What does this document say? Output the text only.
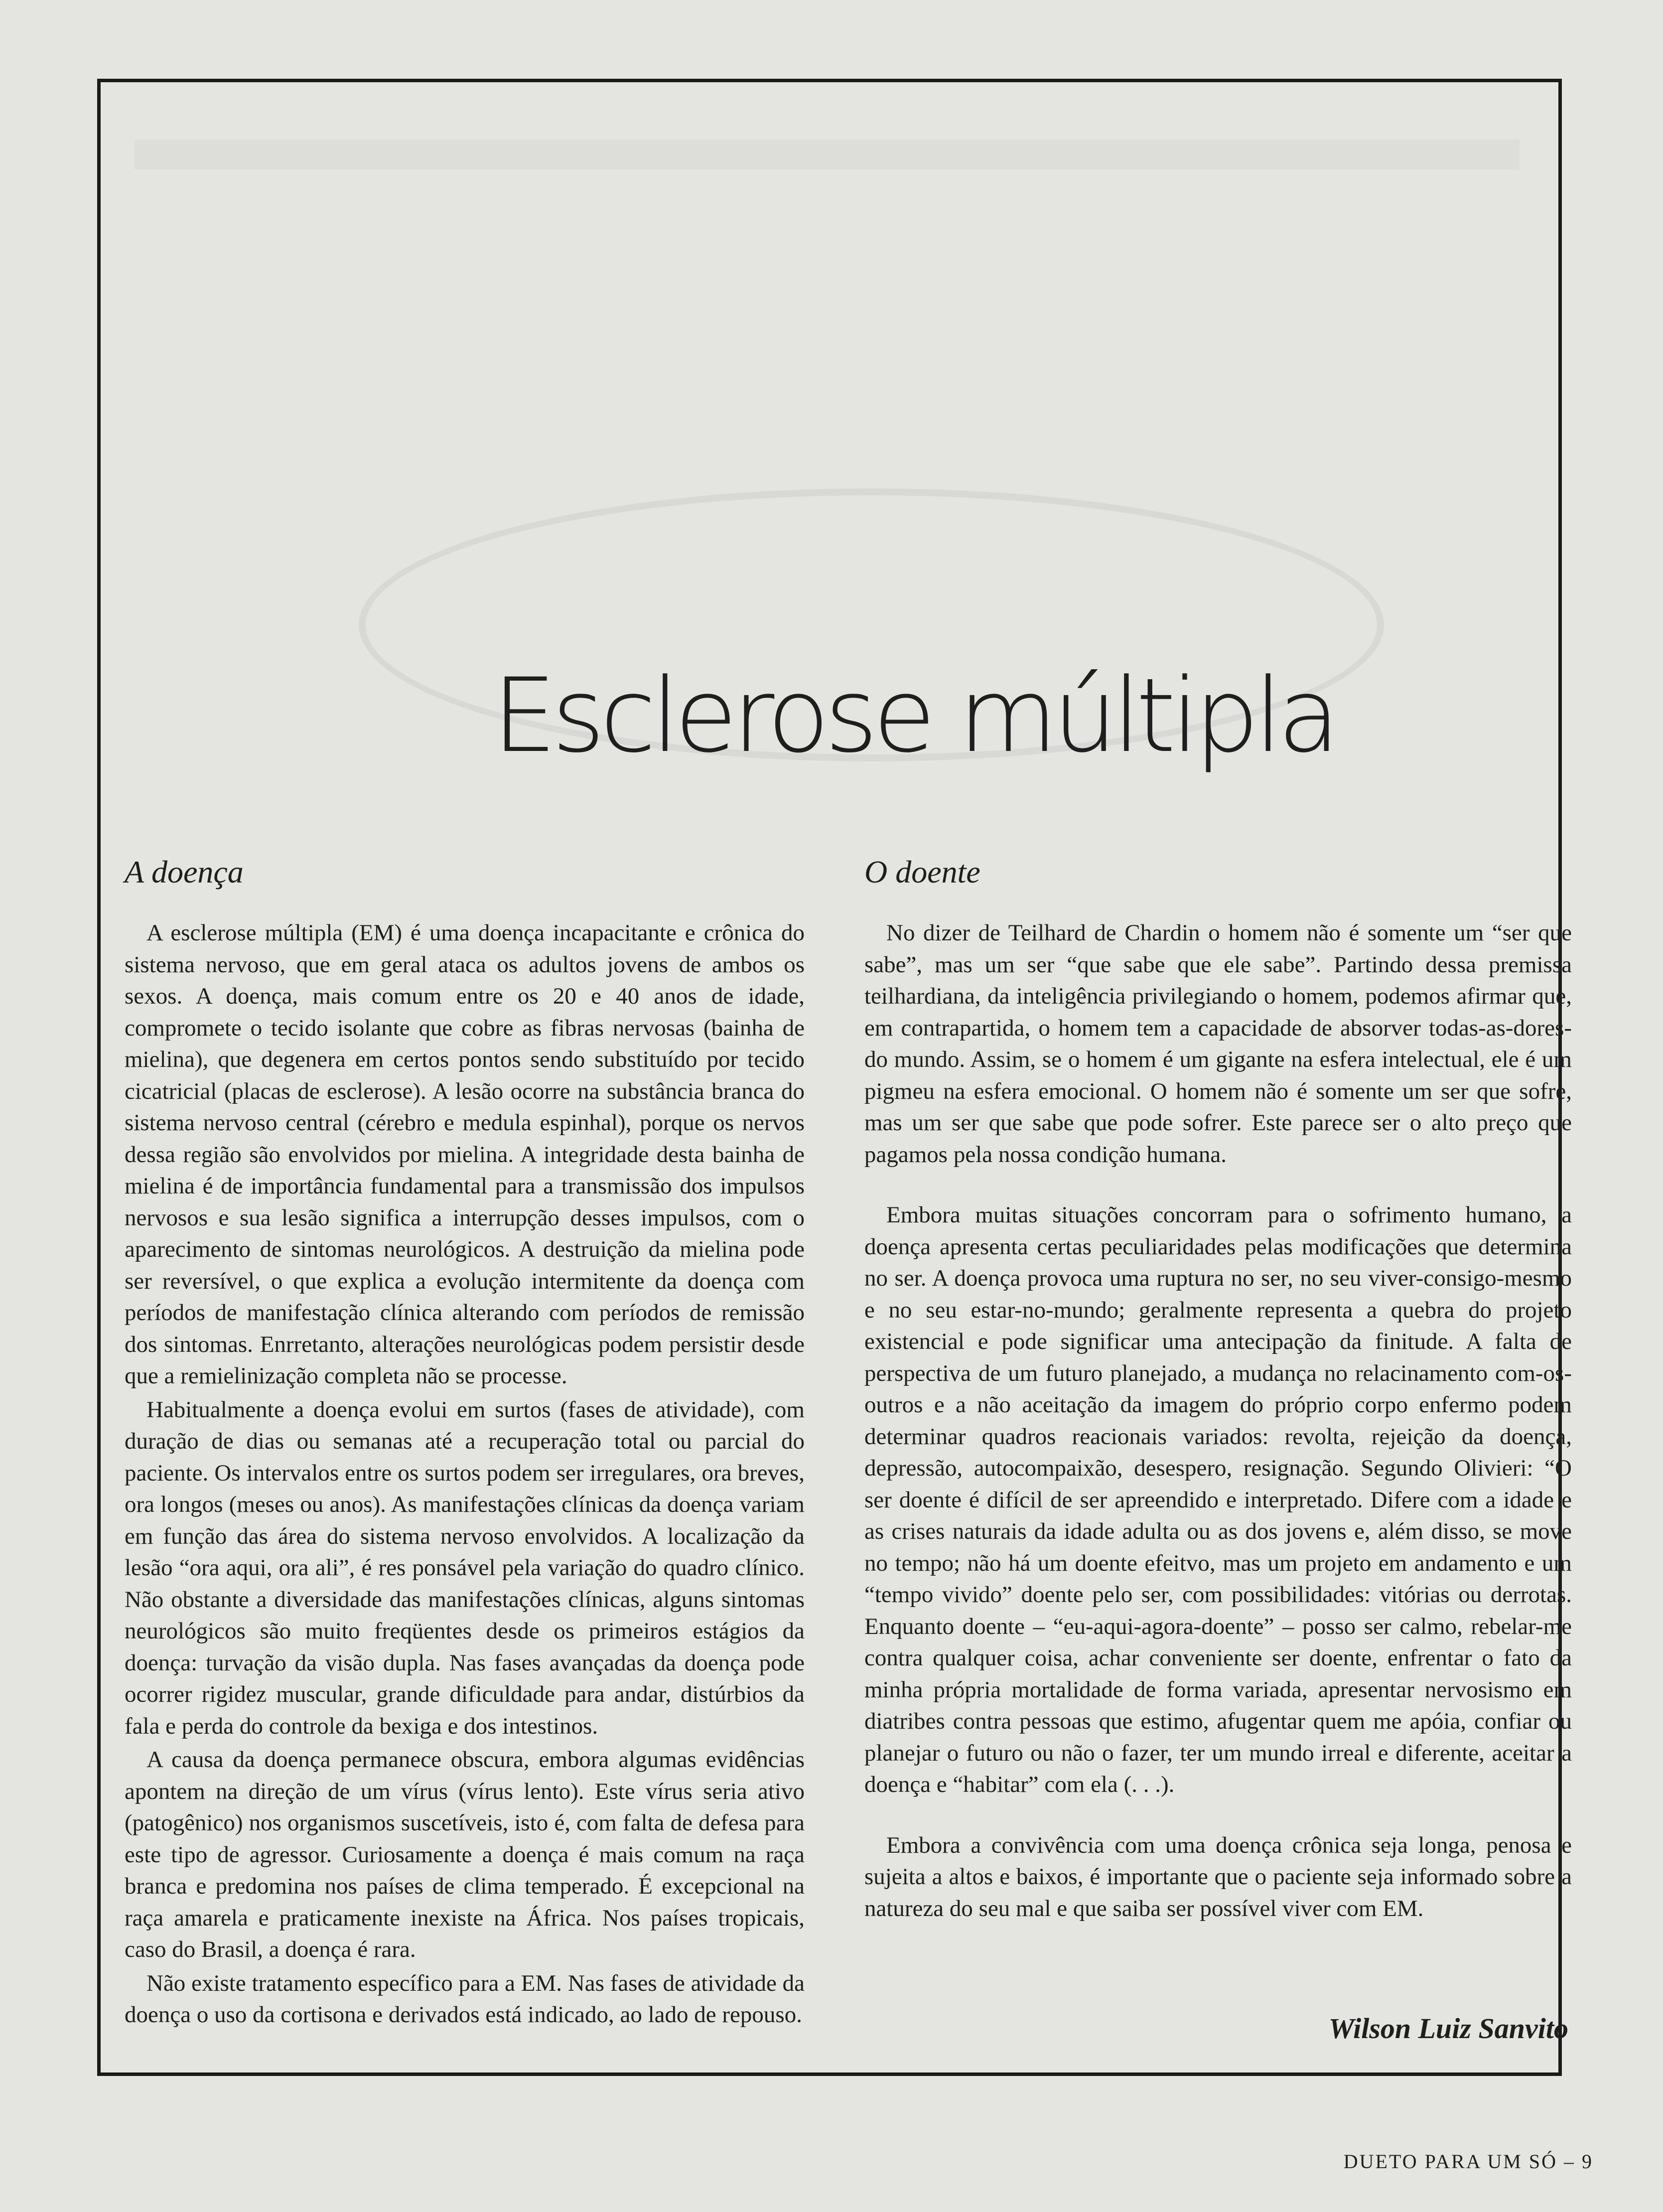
Esclerose múltipla
A doença

A esclerose múltipla (EM) é uma doença incapacitante e crônica do sistema nervoso, que em geral ataca os adultos jovens de ambos os sexos. A doença, mais comum entre os 20 e 40 anos de idade, compromete o tecido isolante que cobre as fibras nervosas (bainha de mielina), que degenera em certos pontos sendo substituído por tecido cicatricial (placas de esclerose). A lesão ocorre na substância branca do sistema nervoso central (cérebro e medula espinhal), porque os nervos dessa região são envolvidos por mielina. A integridade desta bainha de mielina é de importância fundamental para a transmissão dos impulsos nervosos e sua lesão significa a interrupção desses impulsos, com o aparecimento de sintomas neurológicos. A destruição da mielina pode ser reversível, o que explica a evolução intermitente da doença com períodos de manifestação clínica alterando com períodos de remissão dos sintomas. Enrretanto, alterações neurológicas podem persistir desde que a remielinização completa não se processe.

Habitualmente a doença evolui em surtos (fases de atividade), com duração de dias ou semanas até a recuperação total ou parcial do paciente. Os intervalos entre os surtos podem ser irregulares, ora breves, ora longos (meses ou anos). As manifestações clínicas da doença variam em função das área do sistema nervoso envolvidos. A localização da lesão “ora aqui, ora ali”, é res ponsável pela variação do quadro clínico. Não obstante a diversidade das manifestações clínicas, alguns sintomas neurológicos são muito freqüentes desde os primeiros estágios da doença: turvação da visão dupla. Nas fases avançadas da doença pode ocorrer rigidez muscular, grande dificuldade para andar, distúrbios da fala e perda do controle da bexiga e dos intestinos.

A causa da doença permanece obscura, embora algumas evidências apontem na direção de um vírus (vírus lento). Este vírus seria ativo (patogênico) nos organismos suscetíveis, isto é, com falta de defesa para este tipo de agressor. Curiosamente a doença é mais comum na raça branca e predomina nos países de clima temperado. É excepcional na raça amarela e praticamente inexiste na África. Nos países tropicais, caso do Brasil, a doença é rara.

Não existe tratamento específico para a EM. Nas fases de atividade da doença o uso da cortisona e derivados está indicado, ao lado de repouso.

O doente

No dizer de Teilhard de Chardin o homem não é somente um “ser que sabe”, mas um ser “que sabe que ele sabe”. Partindo dessa premissa teilhardiana, da inteligência privilegiando o homem, podemos afirmar que, em contrapartida, o homem tem a capacidade de absorver todas-as-dores-do mundo. Assim, se o homem é um gigante na esfera intelectual, ele é um pigmeu na esfera emocional. O homem não é somente um ser que sofre, mas um ser que sabe que pode sofrer. Este parece ser o alto preço que pagamos pela nossa condição humana.

Embora muitas situações concorram para o sofrimento humano, a doença apresenta certas peculiaridades pelas modificações que determina no ser. A doença provoca uma ruptura no ser, no seu viver-consigo-mesmo e no seu estar-no-mundo; geralmente representa a quebra do projeto existencial e pode significar uma antecipação da finitude. A falta de perspectiva de um futuro planejado, a mudança no relacinamento com-os-outros e a não aceitação da imagem do próprio corpo enfermo podem determinar quadros reacionais variados: revolta, rejeição da doença, depressão, autocompaixão, desespero, resignação. Segundo Olivieri: “O ser doente é difícil de ser apreendido e interpretado. Difere com a idade e as crises naturais da idade adulta ou as dos jovens e, além disso, se move no tempo; não há um doente efeitvo, mas um projeto em andamento e um “tempo vivido” doente pelo ser, com possibilidades: vitórias ou derrotas. Enquanto doente – “eu-aqui-agora-doente” – posso ser calmo, rebelar-me contra qualquer coisa, achar conveniente ser doente, enfrentar o fato da minha própria mortalidade de forma variada, apresentar nervosismo em diatribes contra pessoas que estimo, afugentar quem me apóia, confiar ou planejar o futuro ou não o fazer, ter um mundo irreal e diferente, aceitar a doença e “habitar” com ela (. . .).

Embora a convivência com uma doença crônica seja longa, penosa e sujeita a altos e baixos, é importante que o paciente seja informado sobre a natureza do seu mal e que saiba ser possível viver com EM.

Wilson Luiz Sanvito

DUETO PARA UM SÓ – 9
